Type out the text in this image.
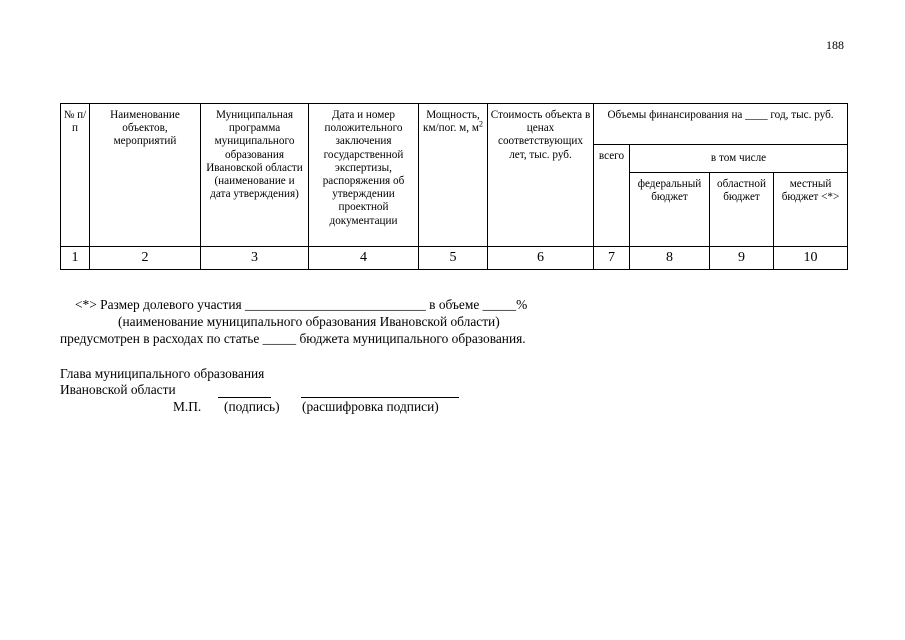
188
№ п/п	Наименование объектов, мероприятий	Муниципальная программа муниципального образования Ивановской области (наименование и дата утверждения)	Дата и номер положительного заключения государственной экспертизы, распоряжения об утверждении проектной документации	Мощность, км/пог. м, $м^2$	Стоимость объекта в ценах соответствующих лет, тыс. руб.	Объемы финансирования на ____ год, тыс. руб.			
						всего	в том числе		
							федеральный бюджет	областной бюджет	местный бюджет <*>
1	2	3	4	5	6	7	8	9	10
<*> Размер долевого участия ___________________________ в объеме _____%
(наименование муниципального образования Ивановской области)
предусмотрен в расходах по статье _____ бюджета муниципального образования.
Глава муниципального образования
Ивановской области
М.П. (подпись) (расшифровка подписи)
